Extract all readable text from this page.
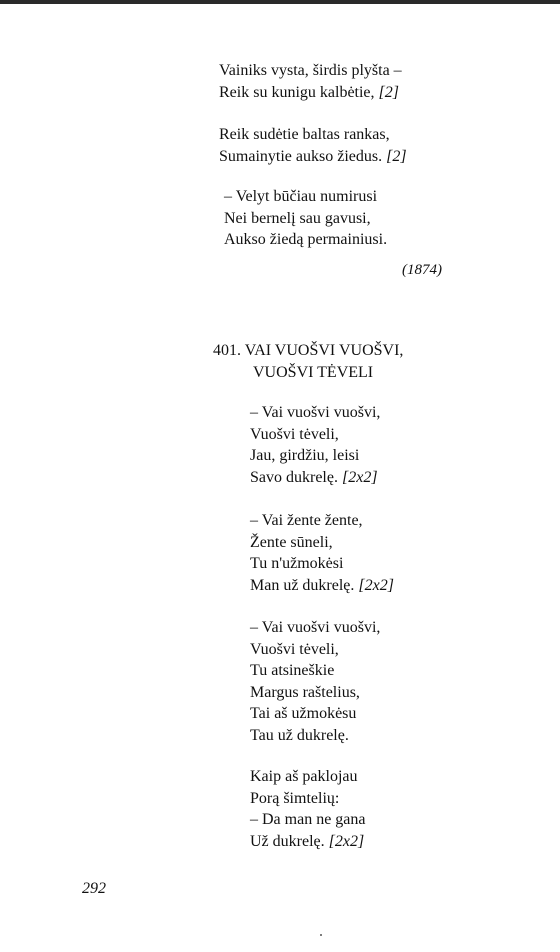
Vainiks vysta, širdis plyšta –
Reik su kunigu kalbėtie, [2]
Reik sudėtie baltas rankas,
Sumainytie aukso žiedus. [2]
– Velyt būčiau numirusi
Nei bernelį sau gavusi,
Aukso žiedą permainiusi.
(1874)
401. VAI VUOŠVI VUOŠVI,
VUOŠVI TĖVELI
– Vai vuošvi vuošvi,
Vuošvi tėveli,
Jau, girdžiu, leisi
Savo dukrelę. [2x2]
– Vai žente žente,
Žente sūneli,
Tu n'užmokėsi
Man už dukrelę. [2x2]
– Vai vuošvi vuošvi,
Vuošvi tėveli,
Tu atsineškie
Margus raštelius,
Tai aš užmokėsu
Tau už dukrelę.
Kaip aš paklojau
Porą šimtelių:
– Da man ne gana
Už dukrelę. [2x2]
292
